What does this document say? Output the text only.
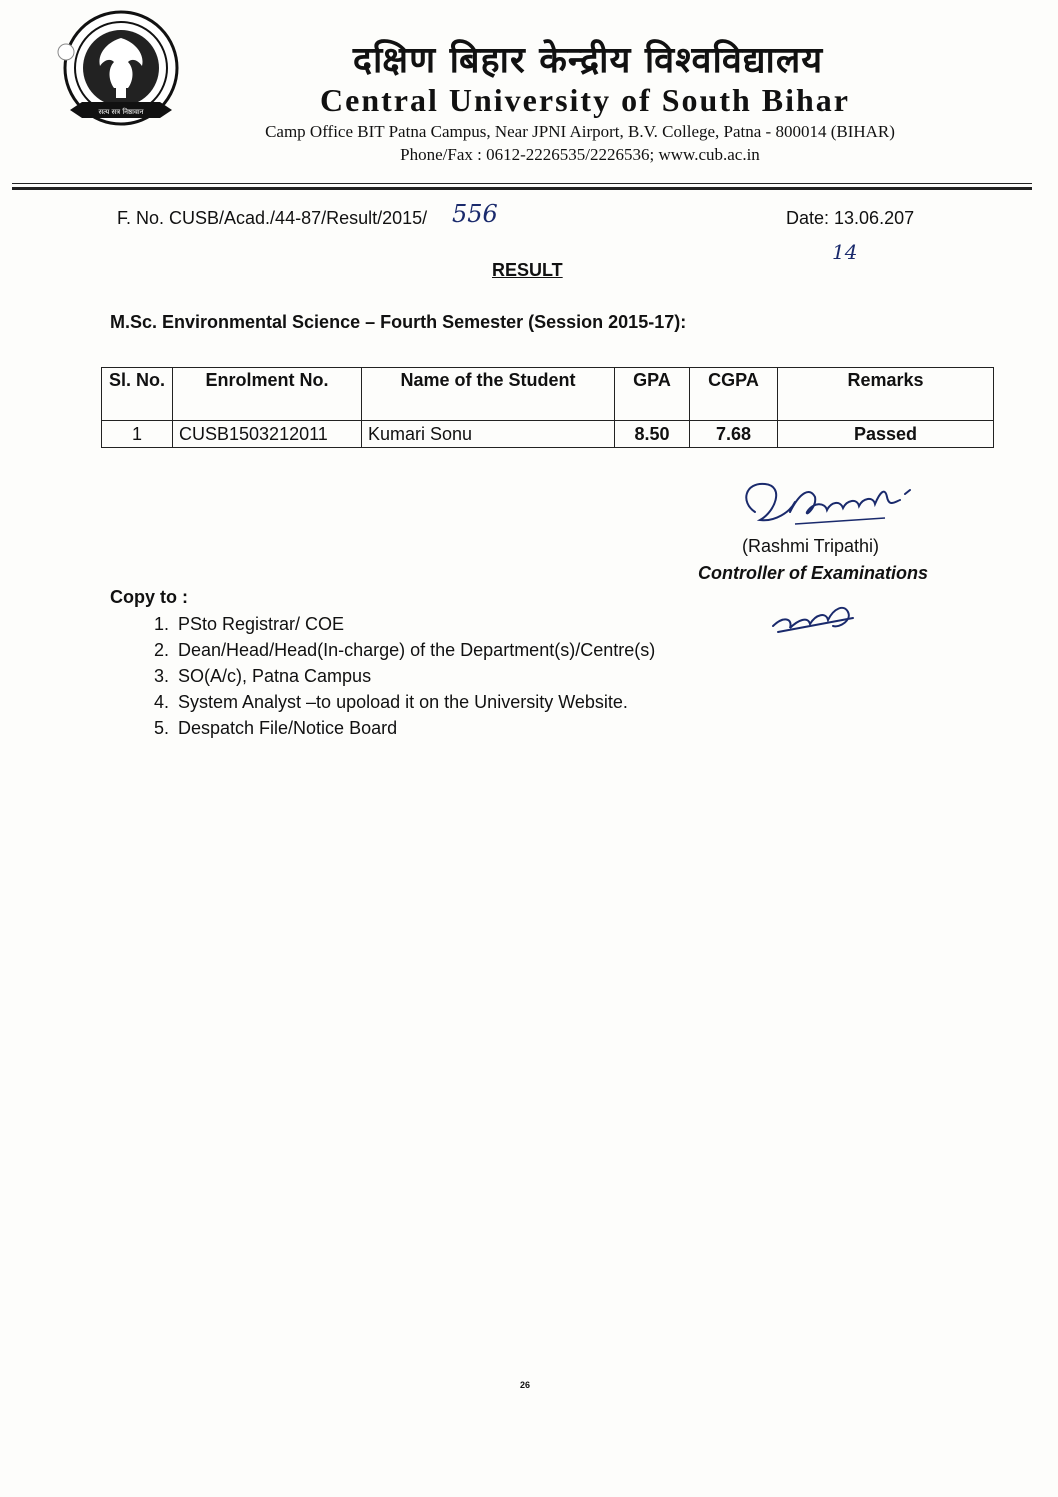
सत्य सत्र निष्ठावान
दक्षिण बिहार केन्द्रीय विश्वविद्यालय
Central University of South Bihar
Camp Office BIT Patna Campus, Near JPNI Airport, B.V. College, Patna - 800014 (BIHAR)
Phone/Fax : 0612-2226535/2226536; www.cub.ac.in
F. No. CUSB/Acad./44-87/Result/2015/ 556	Date: 13.06.207
14
RESULT
M.Sc. Environmental Science – Fourth Semester (Session 2015-17):
Sl. No.	Enrolment No.	Name of the Student	GPA	CGPA	Remarks
1	CUSB1503212011	Kumari Sonu	8.50	7.68	Passed
(Rashmi Tripathi)
Controller of Examinations
Copy to :
1. PSto Registrar/ COE
2. Dean/Head/Head(In-charge) of the Department(s)/Centre(s)
3. SO(A/c), Patna Campus
4. System Analyst –to upoload it on the University Website.
5. Despatch File/Notice Board
26
